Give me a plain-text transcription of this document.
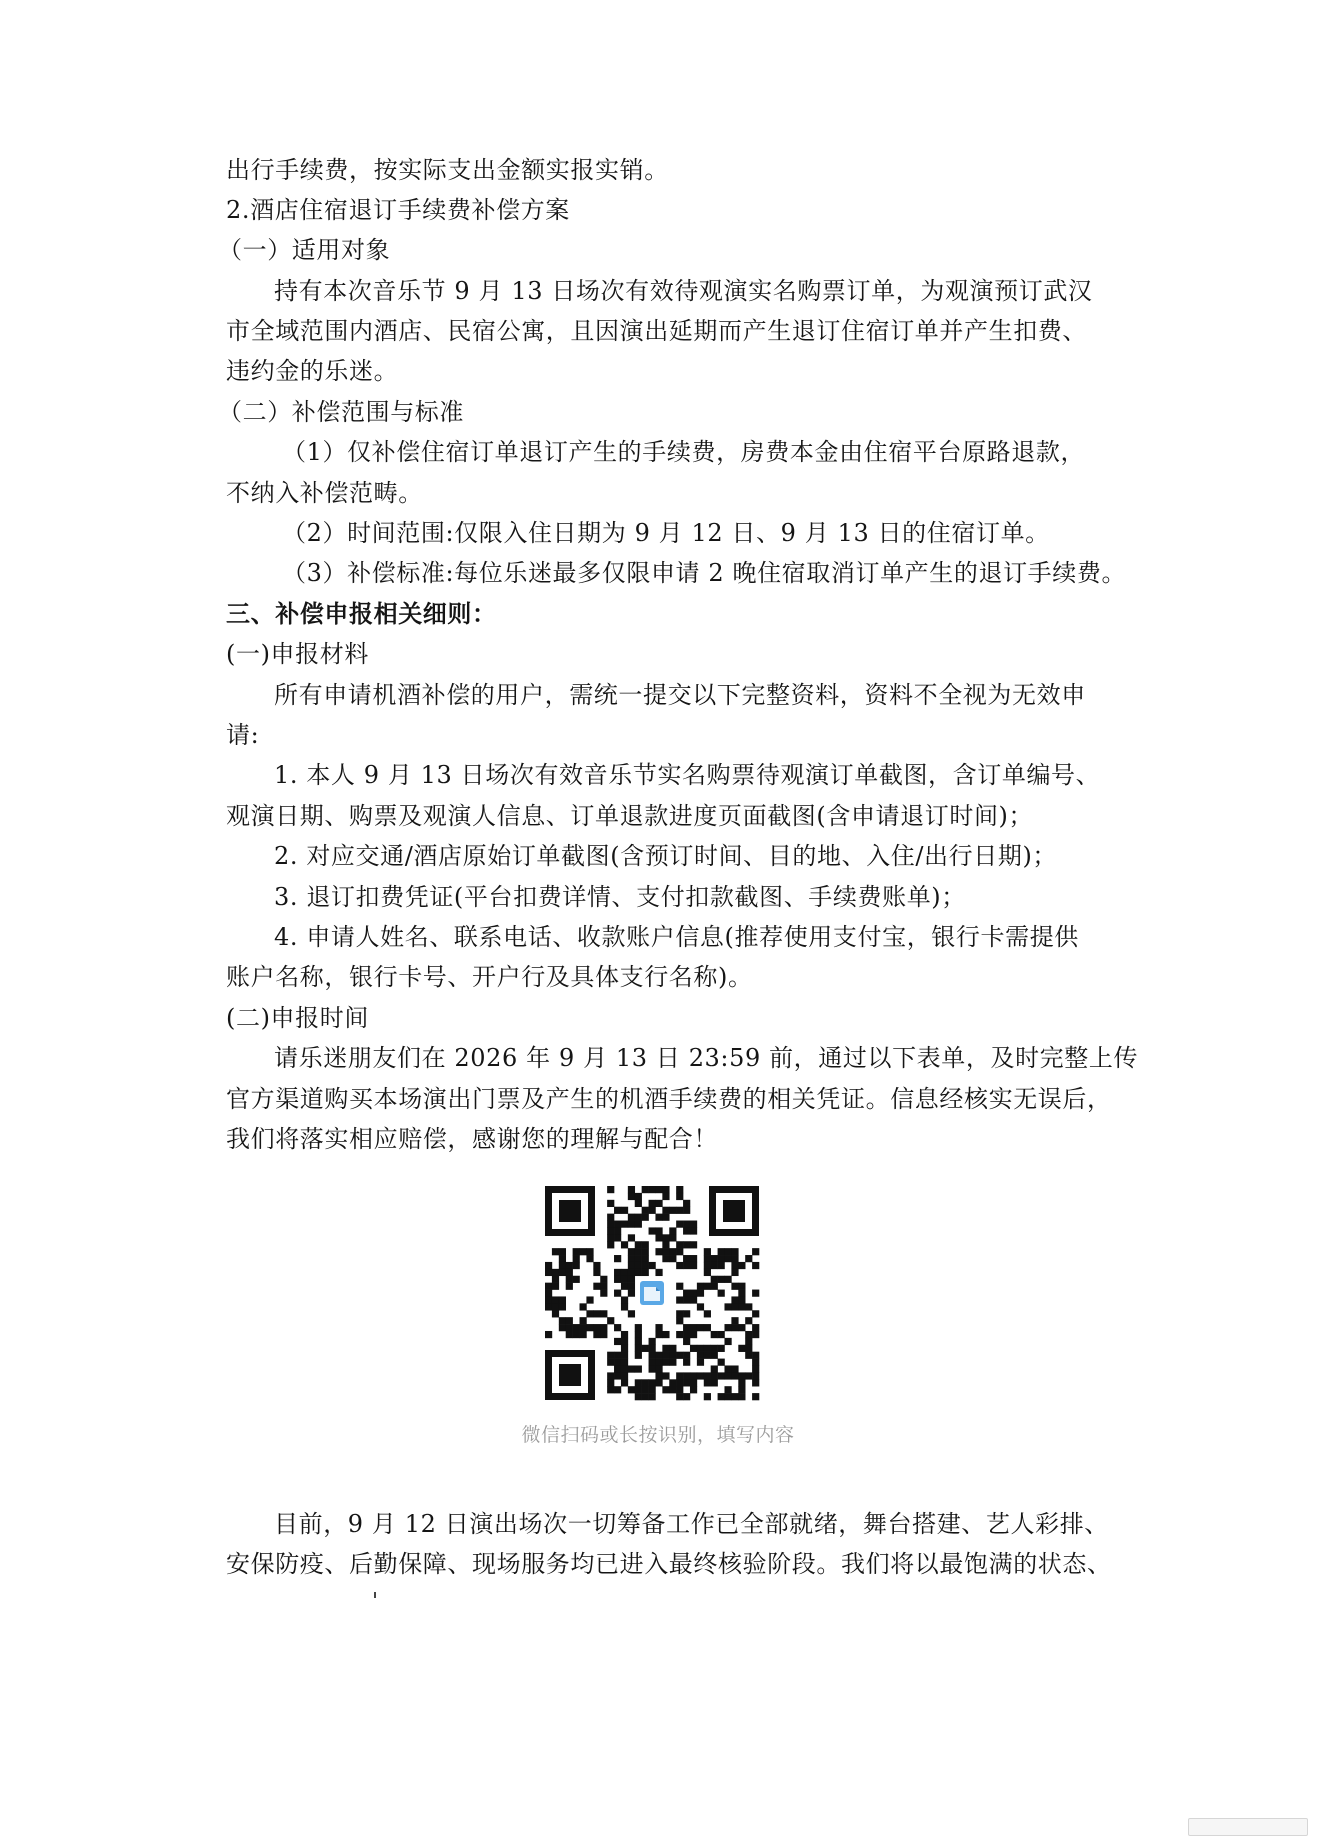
出行手续费，按实际支出金额实报实销。
2.酒店住宿退订手续费补偿方案
（一）适用对象
持有本次音乐节 9 月 13 日场次有效待观演实名购票订单，为观演预订武汉
市全域范围内酒店、民宿公寓，且因演出延期而产生退订住宿订单并产生扣费、
违约金的乐迷。
（二）补偿范围与标准
（1）仅补偿住宿订单退订产生的手续费，房费本金由住宿平台原路退款，
不纳入补偿范畴。
（2）时间范围:仅限入住日期为 9 月 12 日、9 月 13 日的住宿订单。
（3）补偿标准:每位乐迷最多仅限申请 2 晚住宿取消订单产生的退订手续费。
三、补偿申报相关细则：
(一)申报材料
所有申请机酒补偿的用户，需统一提交以下完整资料，资料不全视为无效申
请:
1. 本人 9 月 13 日场次有效音乐节实名购票待观演订单截图，含订单编号、
观演日期、购票及观演人信息、订单退款进度页面截图(含申请退订时间)；
2. 对应交通/酒店原始订单截图(含预订时间、目的地、入住/出行日期)；
3. 退订扣费凭证(平台扣费详情、支付扣款截图、手续费账单)；
4. 申请人姓名、联系电话、收款账户信息(推荐使用支付宝，银行卡需提供
账户名称，银行卡号、开户行及具体支行名称)。
(二)申报时间
请乐迷朋友们在 2026 年 9 月 13 日 23:59 前，通过以下表单，及时完整上传
官方渠道购买本场演出门票及产生的机酒手续费的相关凭证。信息经核实无误后，
我们将落实相应赔偿，感谢您的理解与配合！
微信扫码或长按识别，填写内容
目前，9 月 12 日演出场次一切筹备工作已全部就绪，舞台搭建、艺人彩排、
安保防疫、后勤保障、现场服务均已进入最终核验阶段。我们将以最饱满的状态、
